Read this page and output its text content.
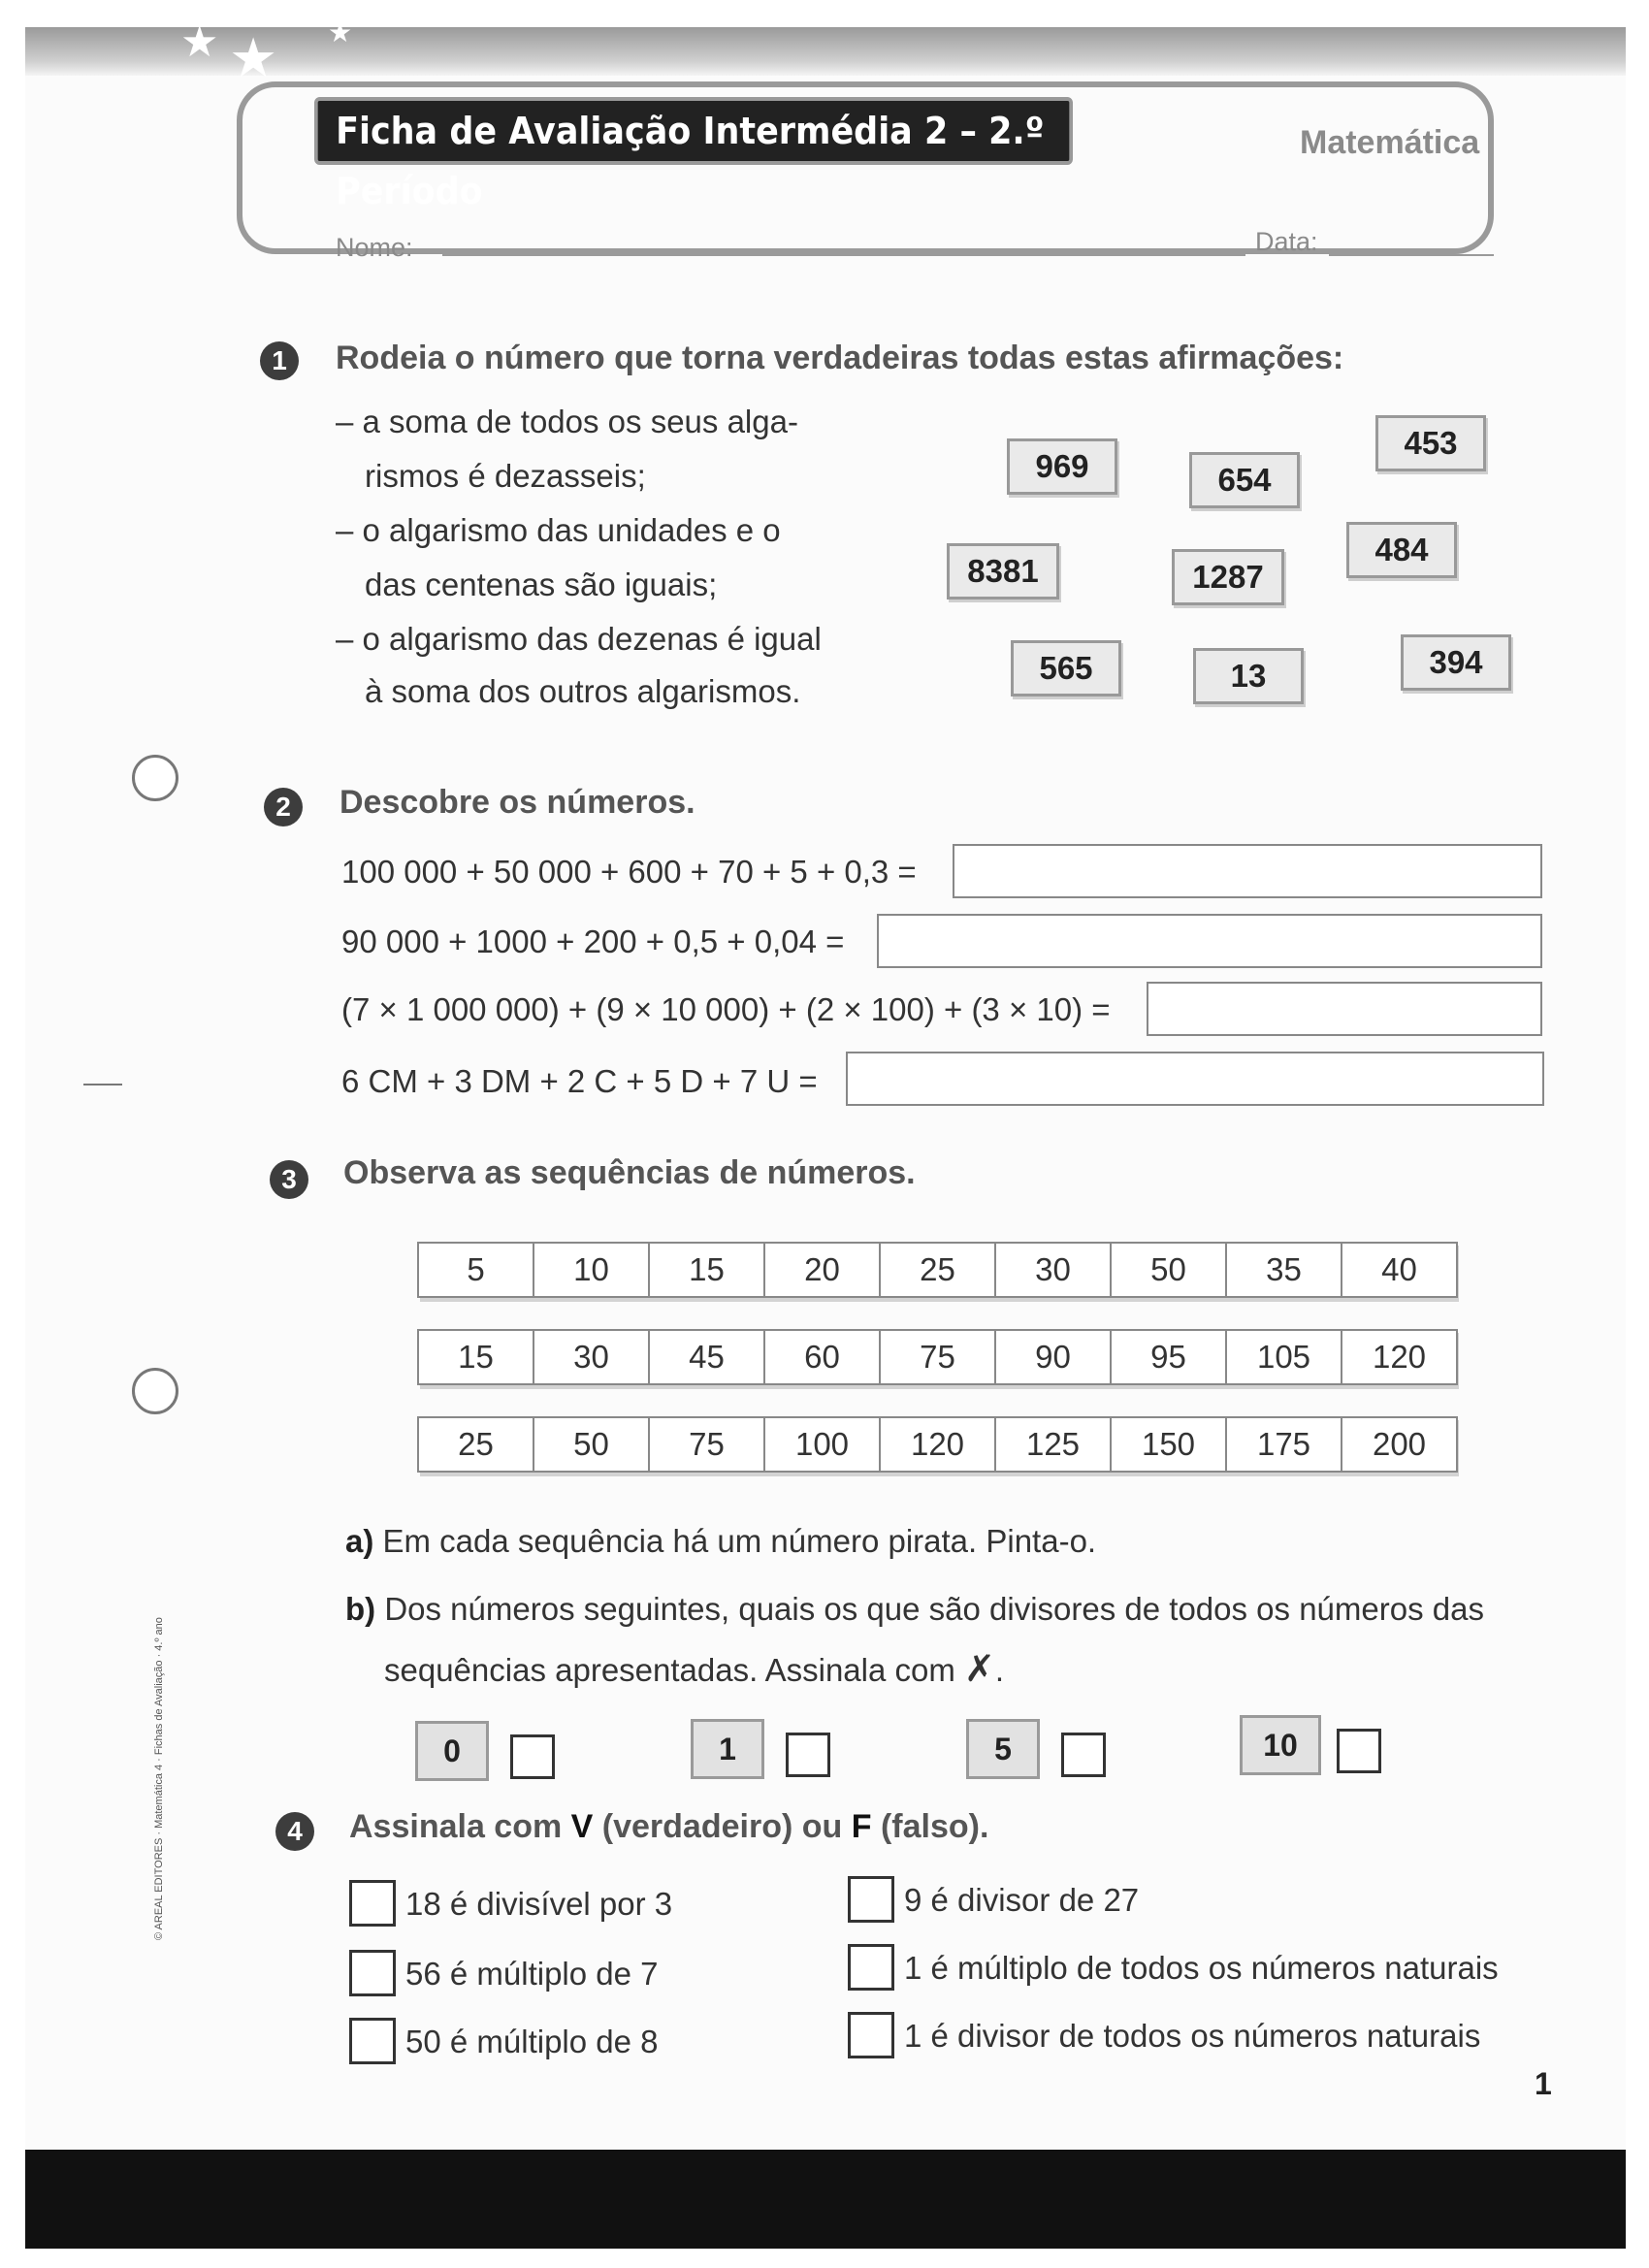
★ ★ ★
Ficha de Avaliação Intermédia 2 – 2.º Período
Matemática
Nome:	Data:
1	Rodeia o número que torna verdadeiras todas estas afirmações:
– a soma de todos os seus alga-
rismos é dezasseis;
– o algarismo das unidades e o
das centenas são iguais;
– o algarismo das dezenas é igual
à soma dos outros algarismos.
453
969	654
484
8381	1287
394
565	13
2	Descobre os números.
100 000 + 50 000 + 600 + 70 + 5 + 0,3 =
90 000 + 1000 + 200 + 0,5 + 0,04 =
(7 × 1 000 000) + (9 × 10 000) + (2 × 100) + (3 × 10) =
6 CM + 3 DM + 2 C + 5 D + 7 U =
3	Observa as sequências de números.
5	10	15	20	25	30	50	35	40
15	30	45	60	75	90	95	105	120
25	50	75	100	120	125	150	175	200
a) Em cada sequência há um número pirata. Pinta-o.
b) Dos números seguintes, quais os que são divisores de todos os números das
sequências apresentadas. Assinala com ✗.
0	1	5	10
4	Assinala com V (verdadeiro) ou F (falso).
18 é divisível por 3
56 é múltiplo de 7
50 é múltiplo de 8
9 é divisor de 27
1 é múltiplo de todos os números naturais
1 é divisor de todos os números naturais
© AREAL EDITORES · Matemática 4 · Fichas de Avaliação · 4.º ano
1
